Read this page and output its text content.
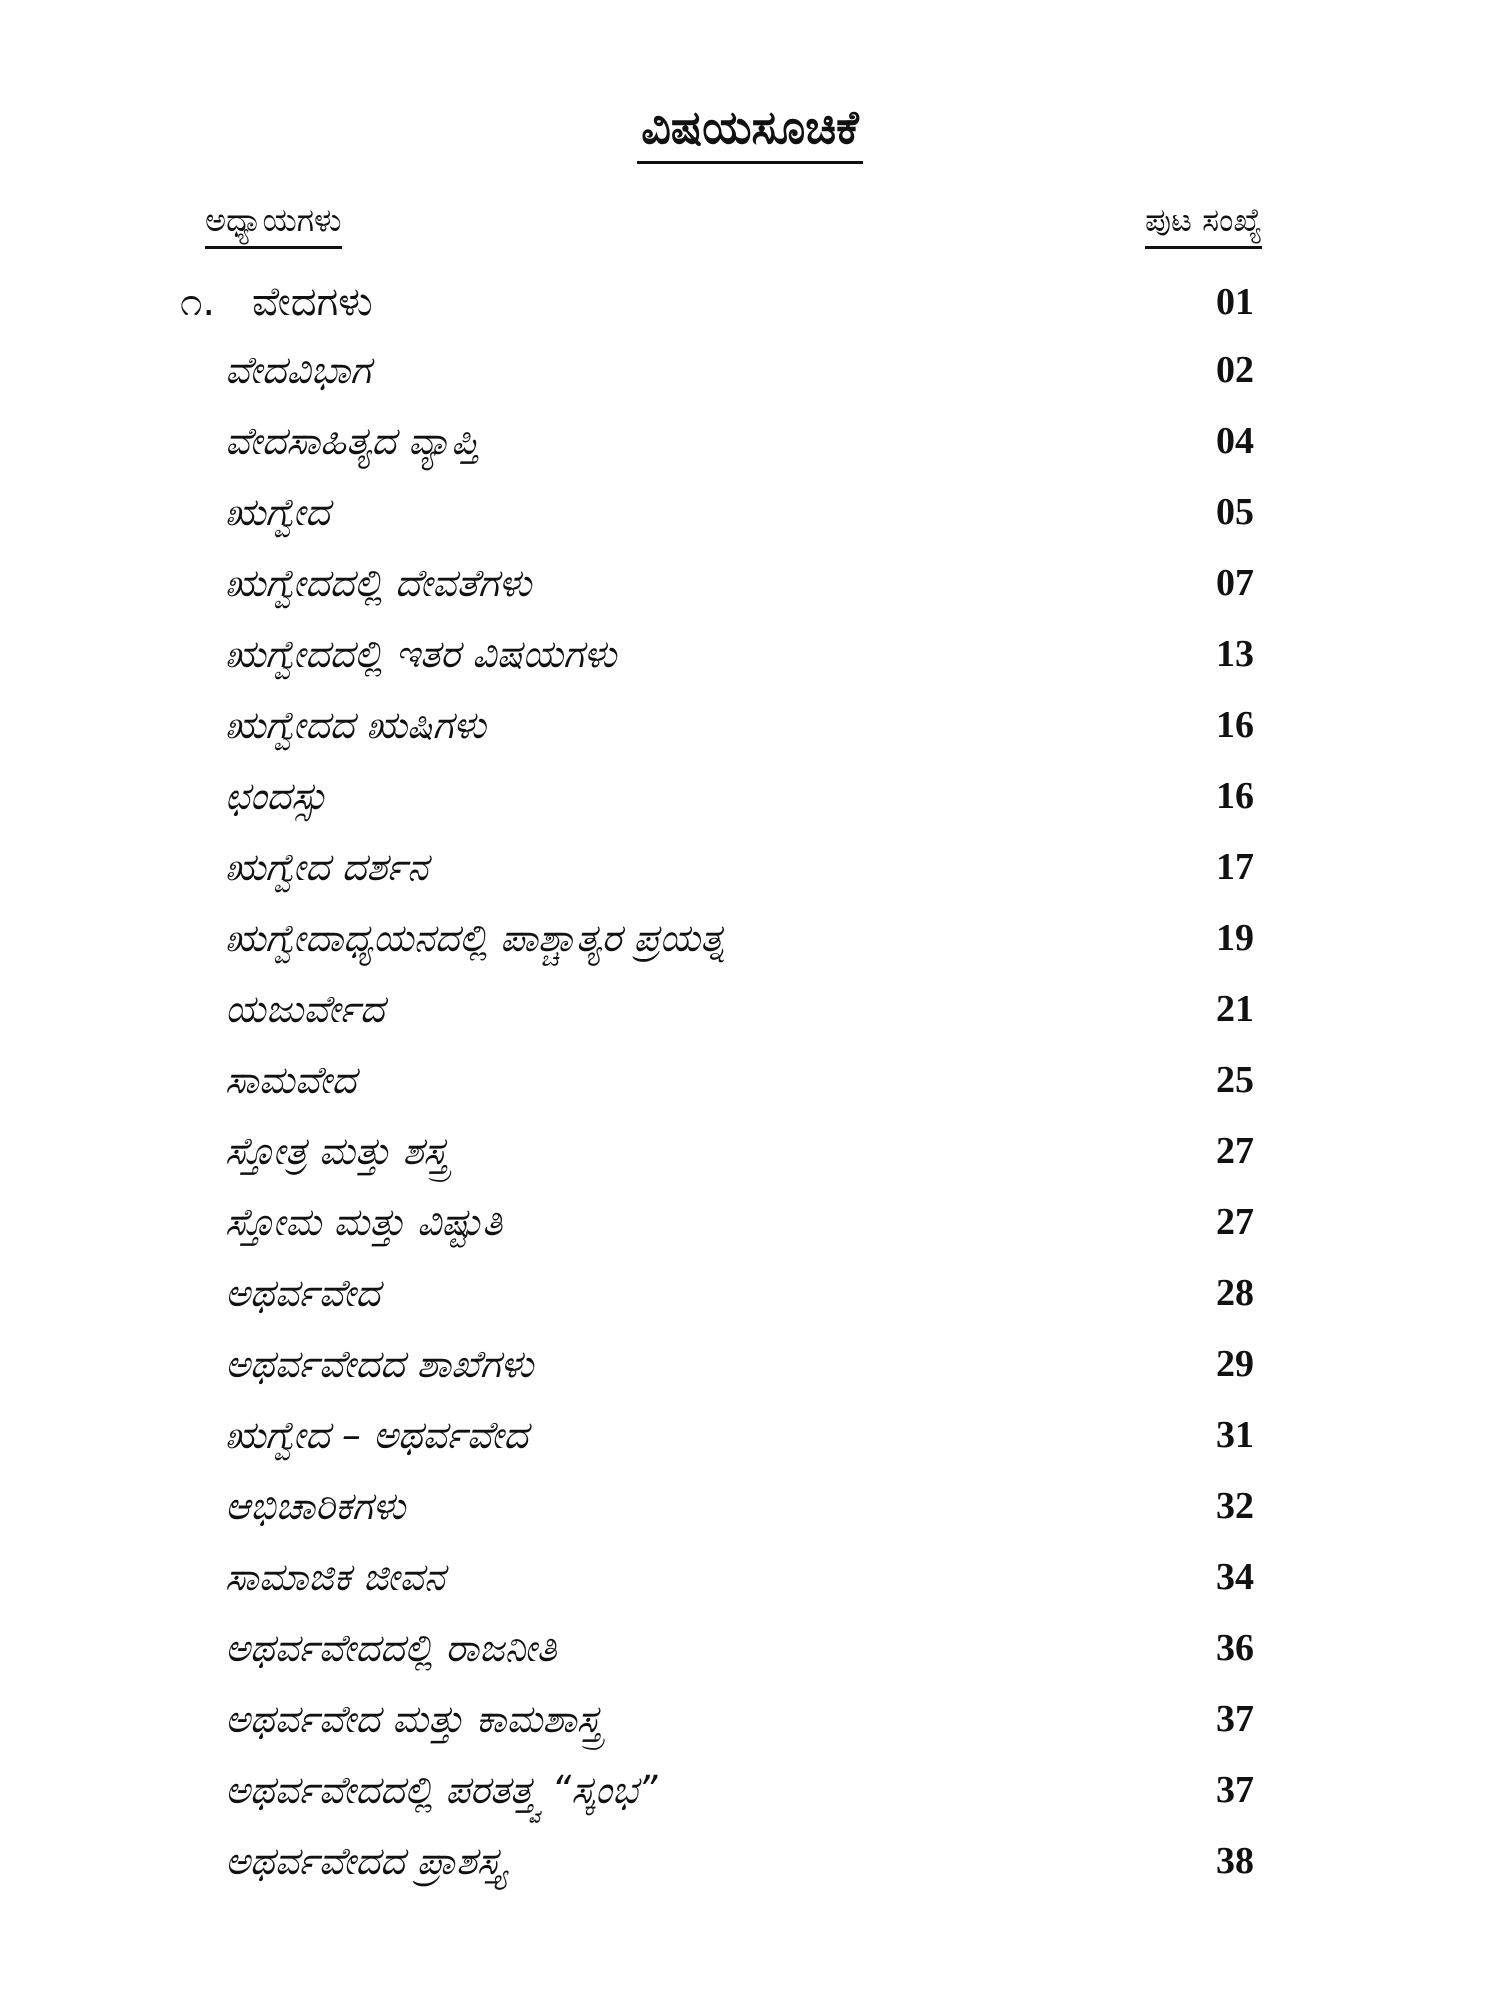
ವಿಷಯಸೂಚಿಕೆ
ಅಧ್ಯಾಯಗಳು	ಪುಟ ಸಂಖ್ಯೆ
೧. ವೇದಗಳು	01
ವೇದವಿಭಾಗ	02
ವೇದಸಾಹಿತ್ಯದ ವ್ಯಾಪ್ತಿ	04
ಋಗ್ವೇದ	05
ಋಗ್ವೇದದಲ್ಲಿ ದೇವತೆಗಳು	07
ಋಗ್ವೇದದಲ್ಲಿ ಇತರ ವಿಷಯಗಳು	13
ಋಗ್ವೇದದ ಋಷಿಗಳು	16
ಛಂದಸ್ಸು	16
ಋಗ್ವೇದ ದರ್ಶನ	17
ಋಗ್ವೇದಾಧ್ಯಯನದಲ್ಲಿ ಪಾಶ್ಚಾತ್ಯರ ಪ್ರಯತ್ನ	19
ಯಜುರ್ವೇದ	21
ಸಾಮವೇದ	25
ಸ್ತೋತ್ರ ಮತ್ತು ಶಸ್ತ್ರ	27
ಸ್ತೋಮ ಮತ್ತು ವಿಷ್ಟುತಿ	27
ಅಥರ್ವವೇದ	28
ಅಥರ್ವವೇದದ ಶಾಖೆಗಳು	29
ಋಗ್ವೇದ – ಅಥರ್ವವೇದ	31
ಆಭಿಚಾರಿಕಗಳು	32
ಸಾಮಾಜಿಕ ಜೀವನ	34
ಅಥರ್ವವೇದದಲ್ಲಿ ರಾಜನೀತಿ	36
ಅಥರ್ವವೇದ ಮತ್ತು ಕಾಮಶಾಸ್ತ್ರ	37
ಅಥರ್ವವೇದದಲ್ಲಿ ಪರತತ್ತ್ವ “ಸ್ಕಂಭ”	37
ಅಥರ್ವವೇದದ ಪ್ರಾಶಸ್ತ್ಯ	38
